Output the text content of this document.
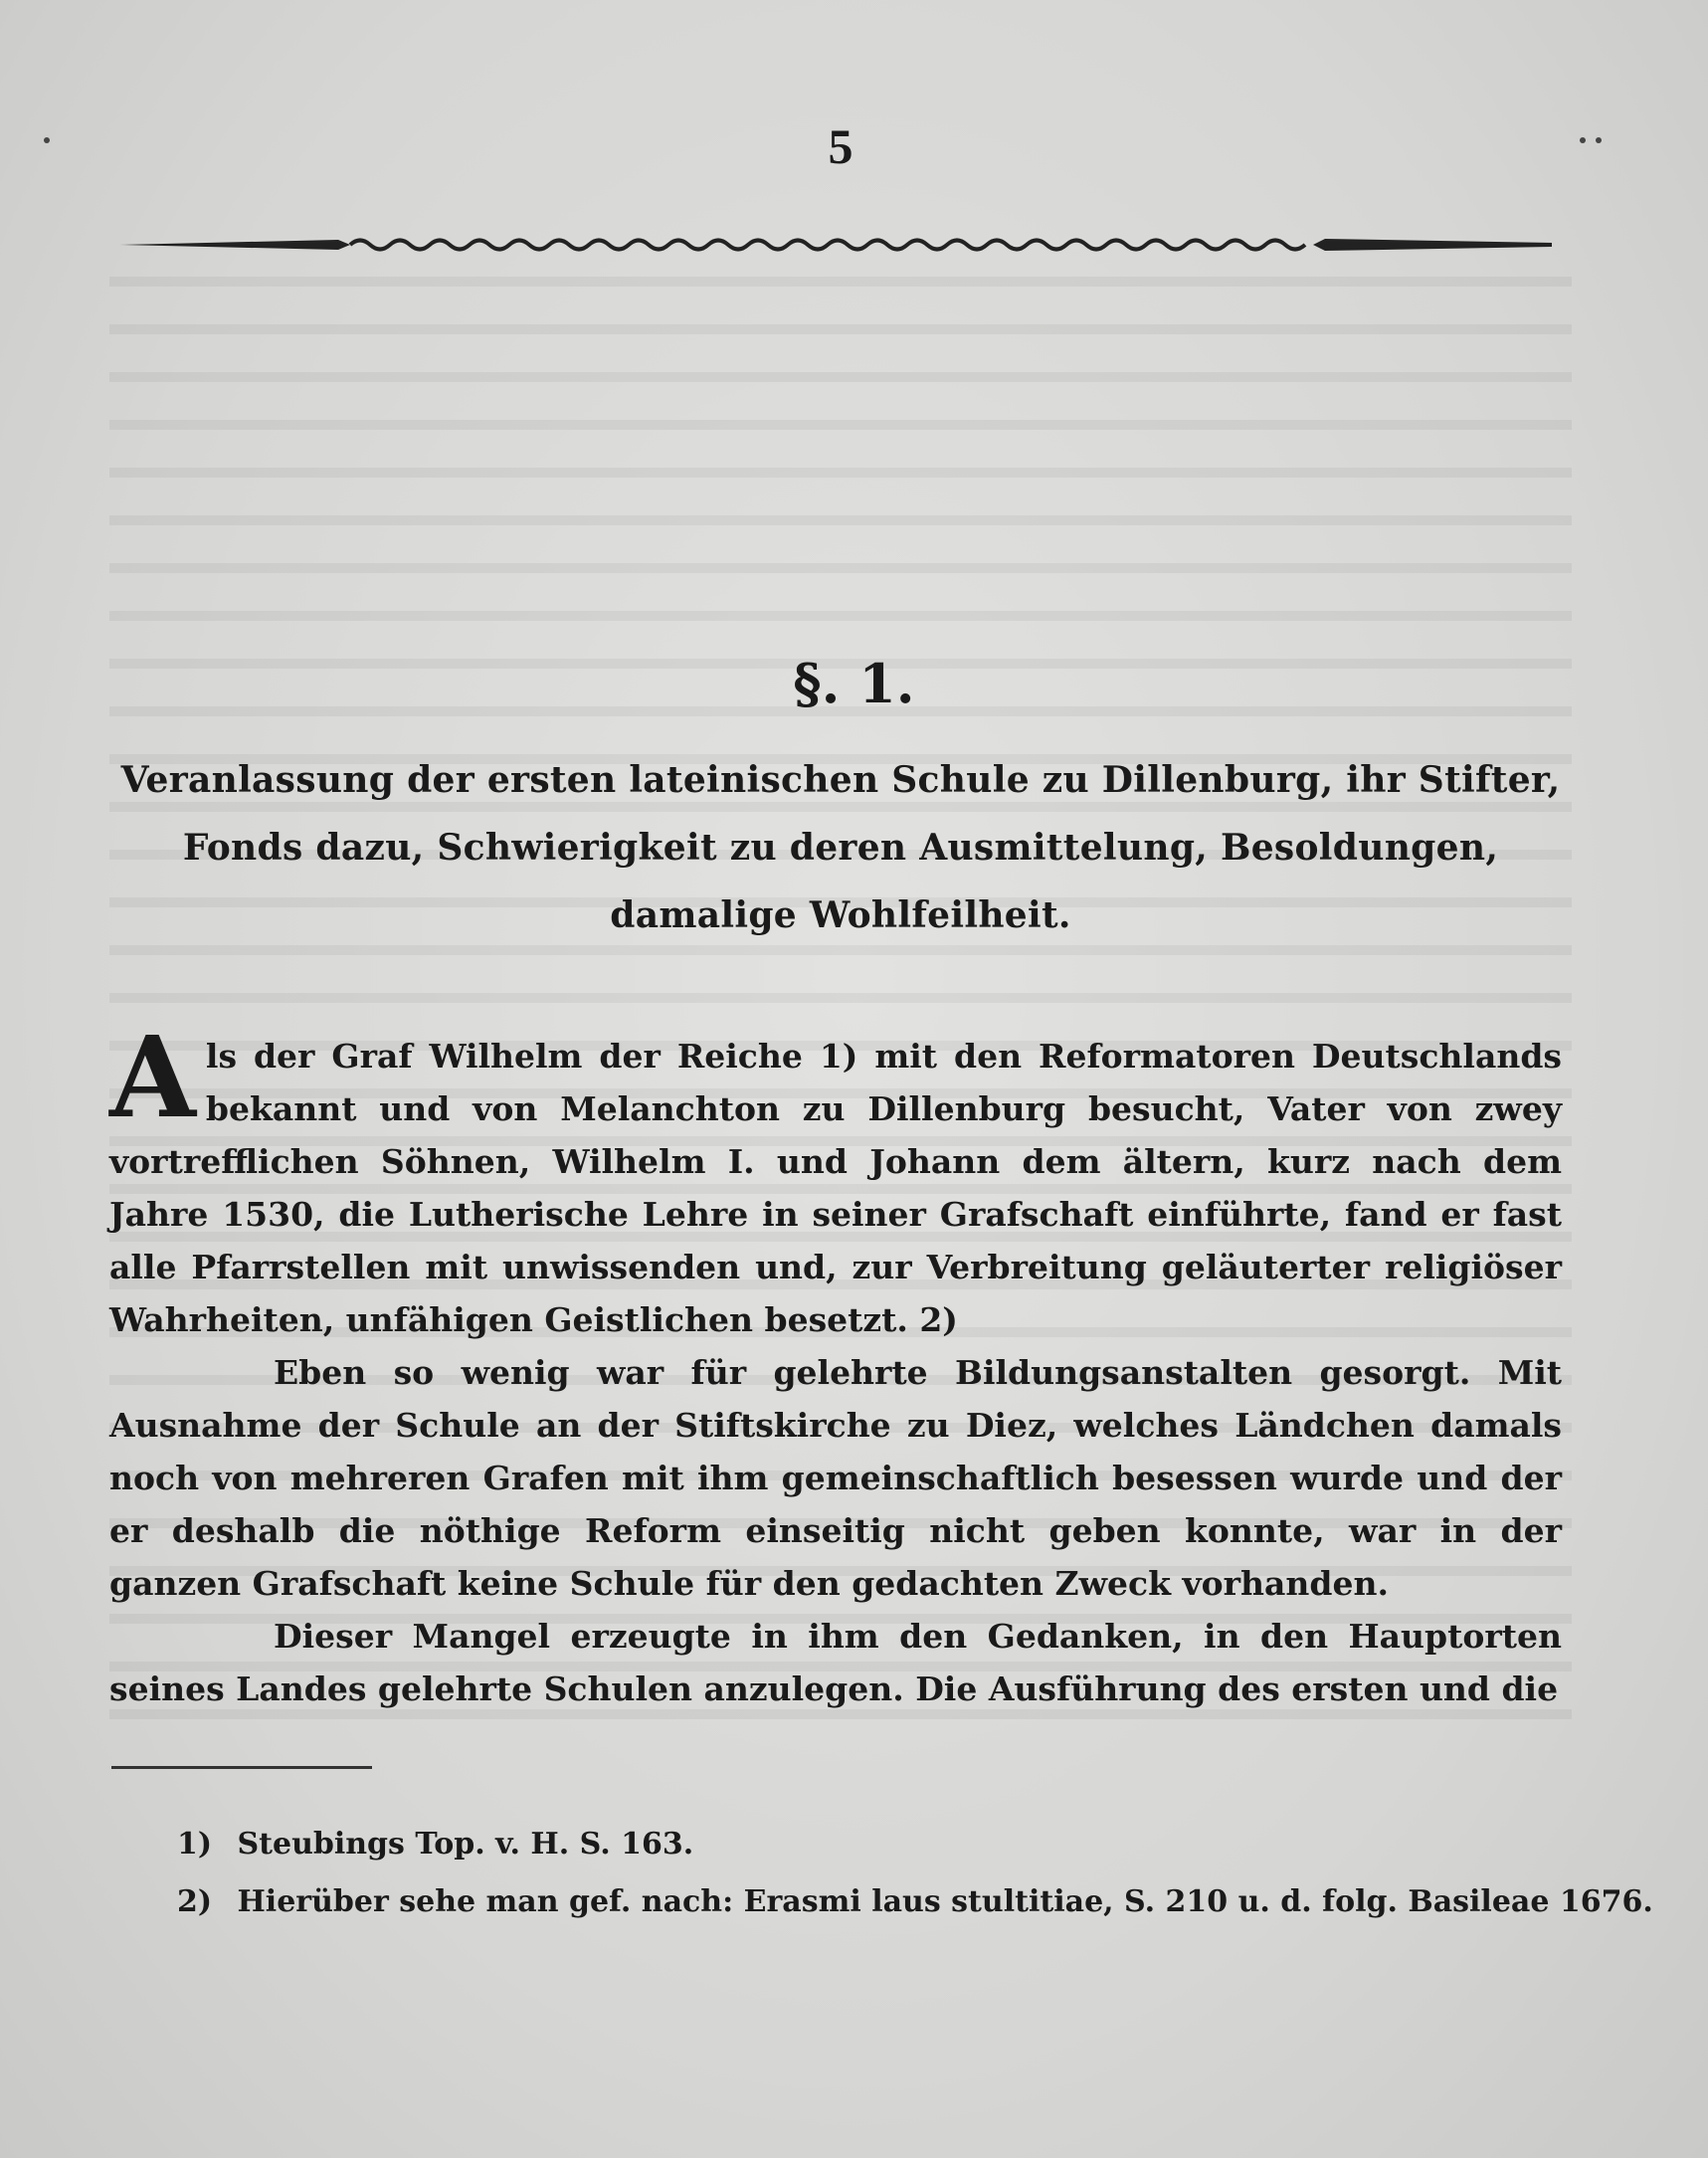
5
§. 1.
Veranlassung der ersten lateinischen Schule zu Dillenburg, ihr Stifter,
Fonds dazu, Schwierigkeit zu deren Ausmittelung, Besoldungen,
damalige Wohlfeilheit.

Als der Graf Wilhelm der Reiche 1) mit den Reformatoren Deutschlands bekannt und von Melanchton zu Dillenburg besucht, Vater von zwey vortrefflichen Söhnen, Wilhelm I. und Johann dem ältern, kurz nach dem Jahre 1530, die Lutherische Lehre in seiner Grafschaft einführte, fand er fast alle Pfarrstellen mit unwissenden und, zur Verbreitung geläuterter religiöser Wahrheiten, unfähigen Geistlichen besetzt. 2)

Eben so wenig war für gelehrte Bildungsanstalten gesorgt. Mit Ausnahme der Schule an der Stiftskirche zu Diez, welches Ländchen damals noch von mehreren Grafen mit ihm gemeinschaftlich besessen wurde und der er deshalb die nöthige Reform einseitig nicht geben konnte, war in der ganzen Grafschaft keine Schule für den gedachten Zweck vorhanden.

Dieser Mangel erzeugte in ihm den Gedanken, in den Hauptorten seines Landes gelehrte Schulen anzulegen. Die Ausführung des ersten und die

1) Steubings Top. v. H. S. 163.
2) Hierüber sehe man gef. nach: Erasmi laus stultitiae, S. 210 u. d. folg. Basileae 1676.
